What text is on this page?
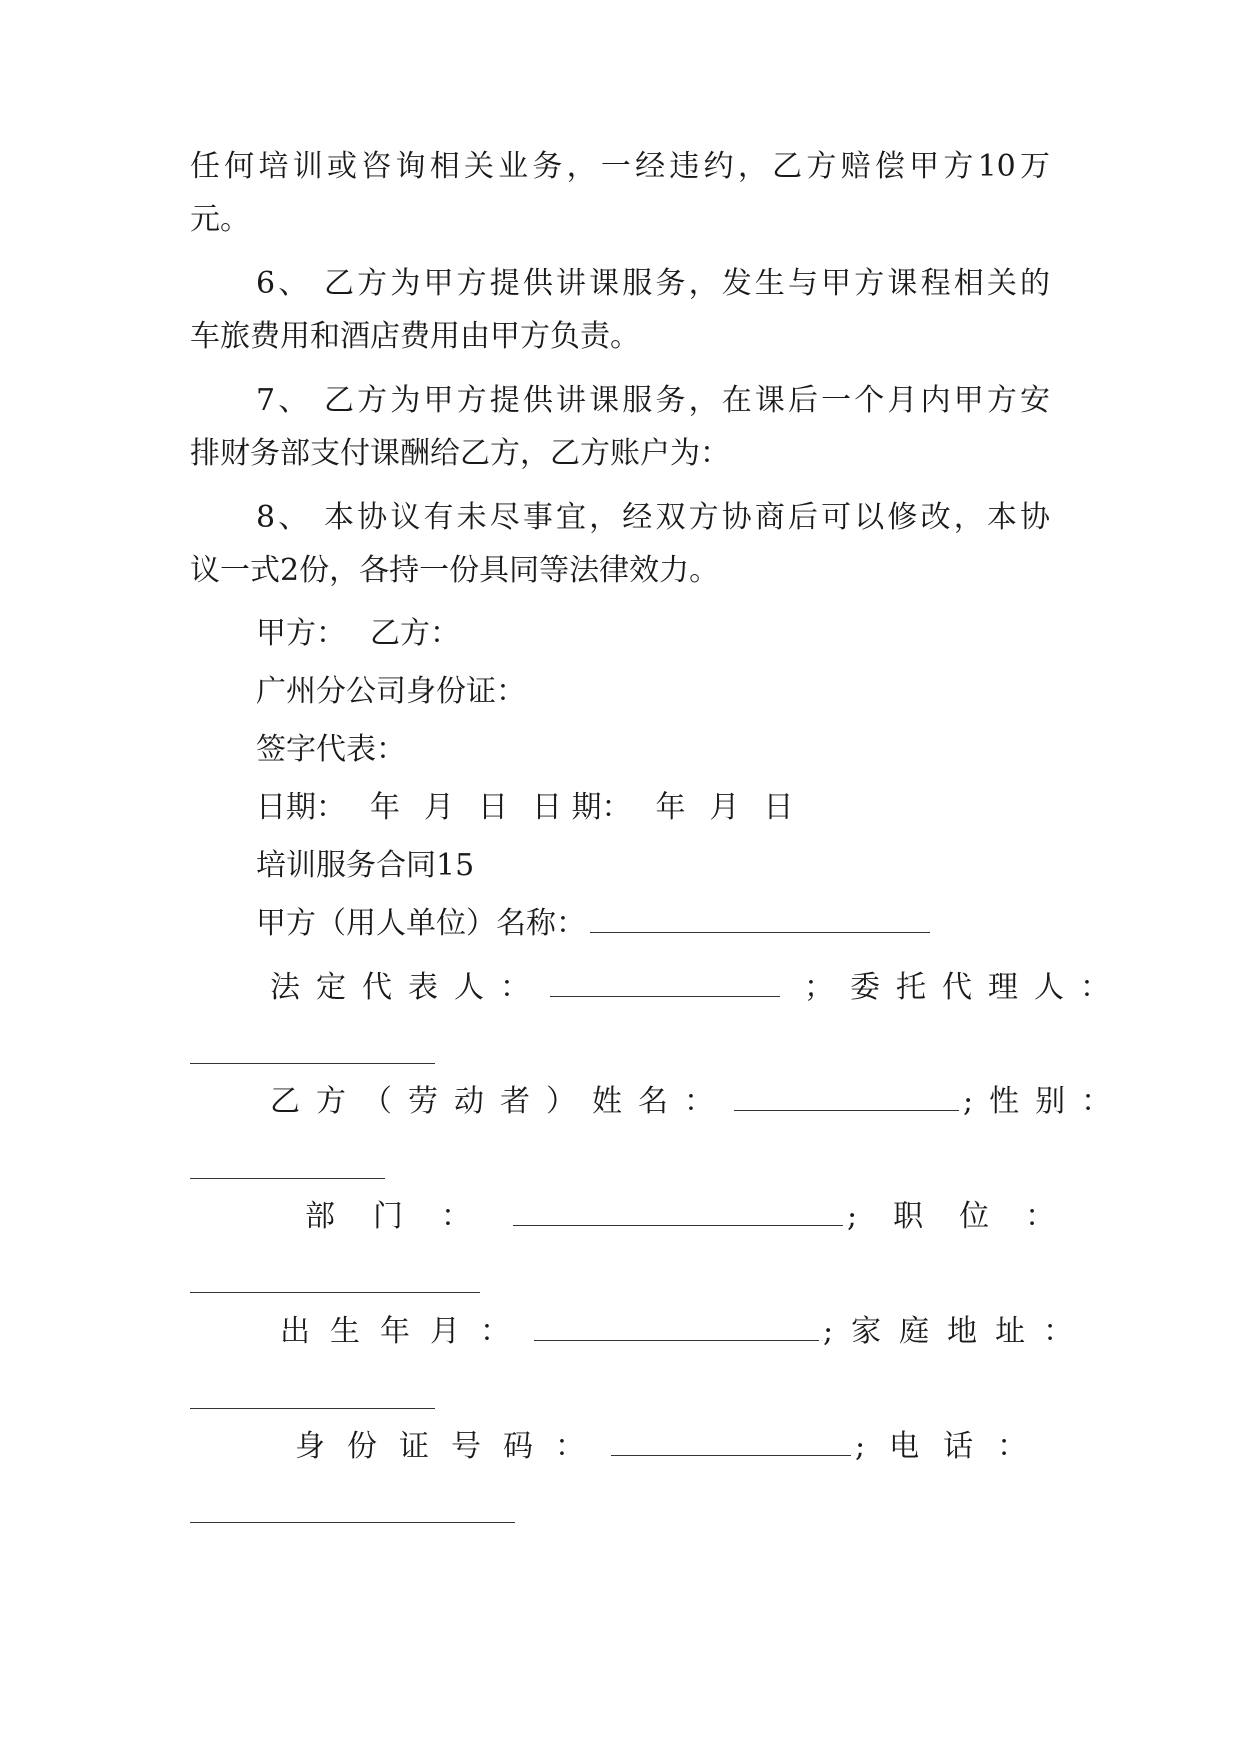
任何培训或咨询相关业务，一经违约，乙方赔偿甲方10万
元。
6、 乙方为甲方提供讲课服务，发生与甲方课程相关的
车旅费用和酒店费用由甲方负责。
7、 乙方为甲方提供讲课服务，在课后一个月内甲方安
排财务部支付课酬给乙方，乙方账户为：
8、 本协议有未尽事宜，经双方协商后可以修改，本协
议一式2份，各持一份具同等法律效力。
甲方： 乙方：
广州分公司身份证：
签字代表：
日期： 年 月 日 日 期： 年 月 日
培训服务合同15
甲方（用人单位）名称：
法定代表人：	；委托代理人：
乙方（劳动者）姓名：	;性别：
部门：	;职位：
出生年月：	;家庭地址：
身份证号码：	;电话：
